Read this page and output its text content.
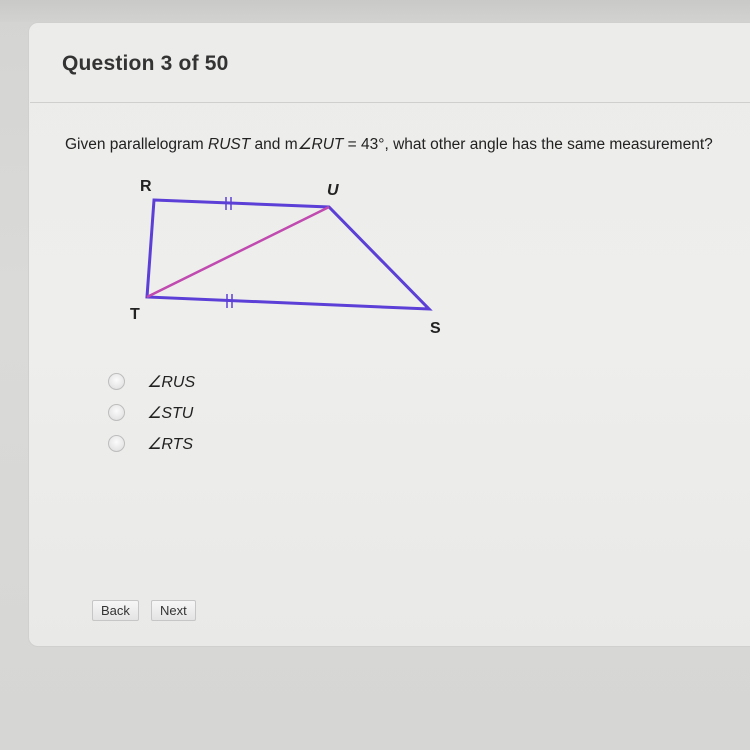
Question 3 of 50
Given parallelogram RUST and m∠RUT = 43°, what other angle has the same measurement?
R	U
T
S
∠RUS
∠STU
∠RTS
Back	Next
